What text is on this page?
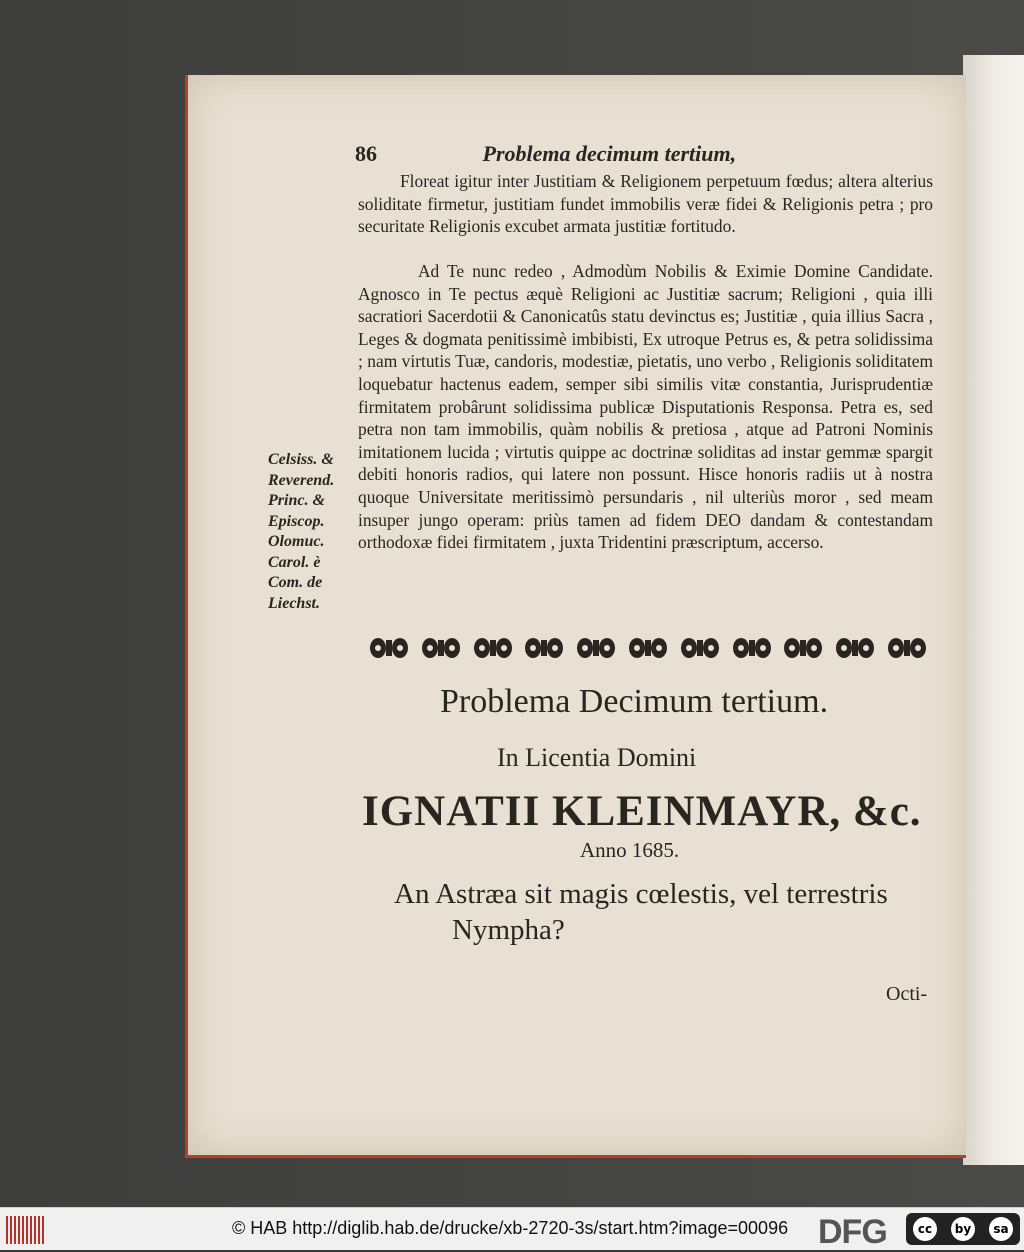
86	Problema decimum tertium,
Floreat igitur inter Justitiam & Religionem perpetuum fœdus; altera alterius soliditate firmetur, justitiam fundet immobilis veræ fidei & Religionis petra ; pro securitate Religionis excubet armata justitiæ fortitudo.
Ad Te nunc redeo , Admodùm Nobilis & Eximie Domine Candidate. Agnosco in Te pectus æquè Religioni ac Justitiæ sacrum; Religioni , quia illi sacratiori Sacerdotii & Canonicatûs statu devinctus es; Justitiæ , quia illius Sacra , Leges & dogmata penitissimè imbibisti, Ex utroque Petrus es, & petra solidissima ; nam virtutis Tuæ, candoris, modestiæ, pietatis, uno verbo , Religionis soliditatem loquebatur hactenus eadem, semper sibi similis vitæ constantia, Jurisprudentiæ firmitatem probârunt solidissima publicæ Disputationis Responsa. Petra es, sed petra non tam immobilis, quàm nobilis & pretiosa , atque ad Patroni Nominis imitationem lucida ; virtutis quippe ac doctrinæ soliditas ad instar gemmæ spargit debiti honoris radios, qui latere non possunt. Hisce honoris radiis ut à nostra quoque Universitate meritissimò persundaris , nil ulteriùs moror , sed meam insuper jungo operam: priùs tamen ad fidem DEO dandam & contestandam orthodoxæ fidei firmitatem , juxta Tridentini præscriptum, accerso.
Celsiss. &
Reverend.
Princ. &
Episcop.
Olomuc.
Carol. è
Com. de
Liechst.
Problema Decimum tertium.
In Licentia Domini
IGNATII KLEINMAYR, &c.
Anno 1685.
An Astræa sit magis cœlestis, vel terrestris
Nympha?
Octi-
© HAB http://diglib.hab.de/drucke/xb-2720-3s/start.htm?image=00096 DFG	cc	by	sa
